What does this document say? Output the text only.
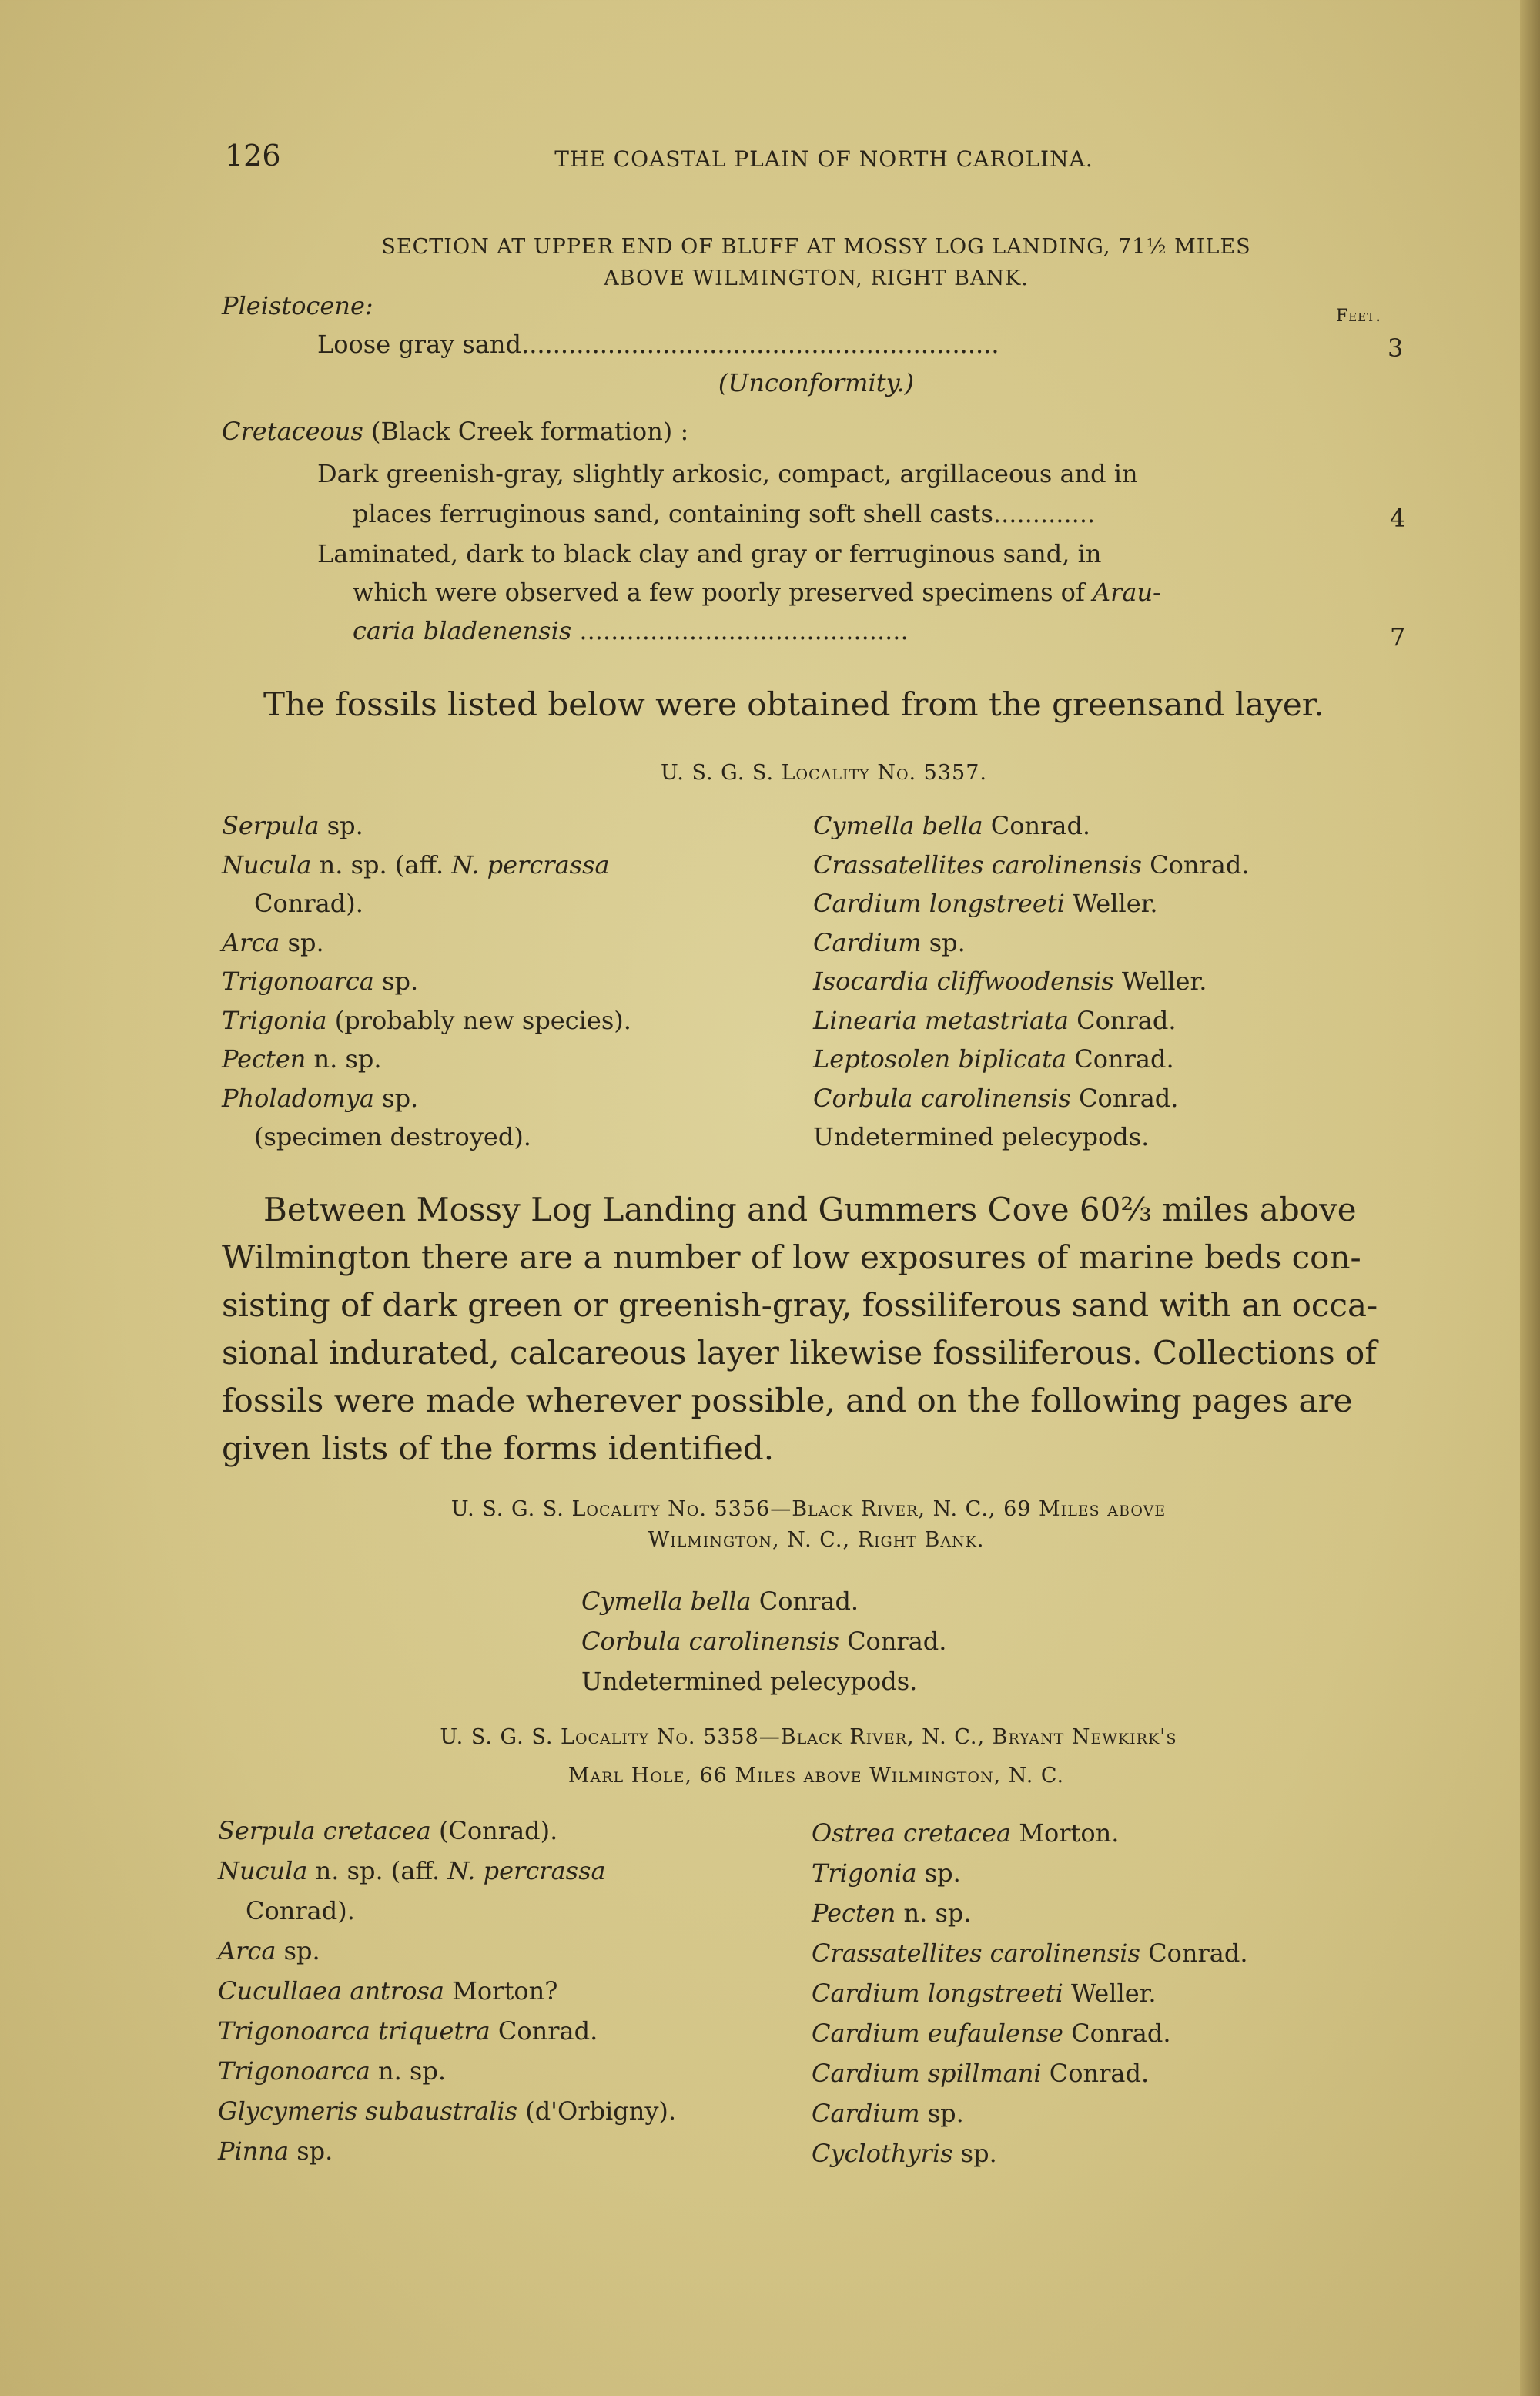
126	THE COASTAL PLAIN OF NORTH CAROLINA.
SECTION AT UPPER END OF BLUFF AT MOSSY LOG LANDING, 71½ MILES
ABOVE WILMINGTON, RIGHT BANK.
Pleistocene:	Feet.
Loose gray sand.............................................................	3
(Unconformity.)
Cretaceous (Black Creek formation) :
Dark greenish-gray, slightly arkosic, compact, argillaceous and in
places ferruginous sand, containing soft shell casts.............	4
Laminated, dark to black clay and gray or ferruginous sand, in
which were observed a few poorly preserved specimens of Arau-
caria bladenensis ..........................................	7
The fossils listed below were obtained from the greensand layer.
U. S. G. S. Locality No. 5357.
Serpula sp.
Nucula n. sp. (aff. N. percrassa
Conrad).
Arca sp.
Trigonoarca sp.
Trigonia (probably new species).
Pecten n. sp.
Pholadomya sp.
(specimen destroyed).
Cymella bella Conrad.
Crassatellites carolinensis Conrad.
Cardium longstreeti Weller.
Cardium sp.
Isocardia cliffwoodensis Weller.
Linearia metastriata Conrad.
Leptosolen biplicata Conrad.
Corbula carolinensis Conrad.
Undetermined pelecypods.
Between Mossy Log Landing and Gummers Cove 60⅔ miles above
Wilmington there are a number of low exposures of marine beds con-
sisting of dark green or greenish-gray, fossiliferous sand with an occa-
sional indurated, calcareous layer likewise fossiliferous. Collections of
fossils were made wherever possible, and on the following pages are
given lists of the forms identified.
U. S. G. S. Locality No. 5356—Black River, N. C., 69 Miles above
Wilmington, N. C., Right Bank.
Cymella bella Conrad.
Corbula carolinensis Conrad.
Undetermined pelecypods.
U. S. G. S. Locality No. 5358—Black River, N. C., Bryant Newkirk's
Marl Hole, 66 Miles above Wilmington, N. C.
Serpula cretacea (Conrad).
Nucula n. sp. (aff. N. percrassa
Conrad).
Arca sp.
Cucullaea antrosa Morton?
Trigonoarca triquetra Conrad.
Trigonoarca n. sp.
Glycymeris subaustralis (d'Orbigny).
Pinna sp.
Ostrea cretacea Morton.
Trigonia sp.
Pecten n. sp.
Crassatellites carolinensis Conrad.
Cardium longstreeti Weller.
Cardium eufaulense Conrad.
Cardium spillmani Conrad.
Cardium sp.
Cyclothyris sp.
